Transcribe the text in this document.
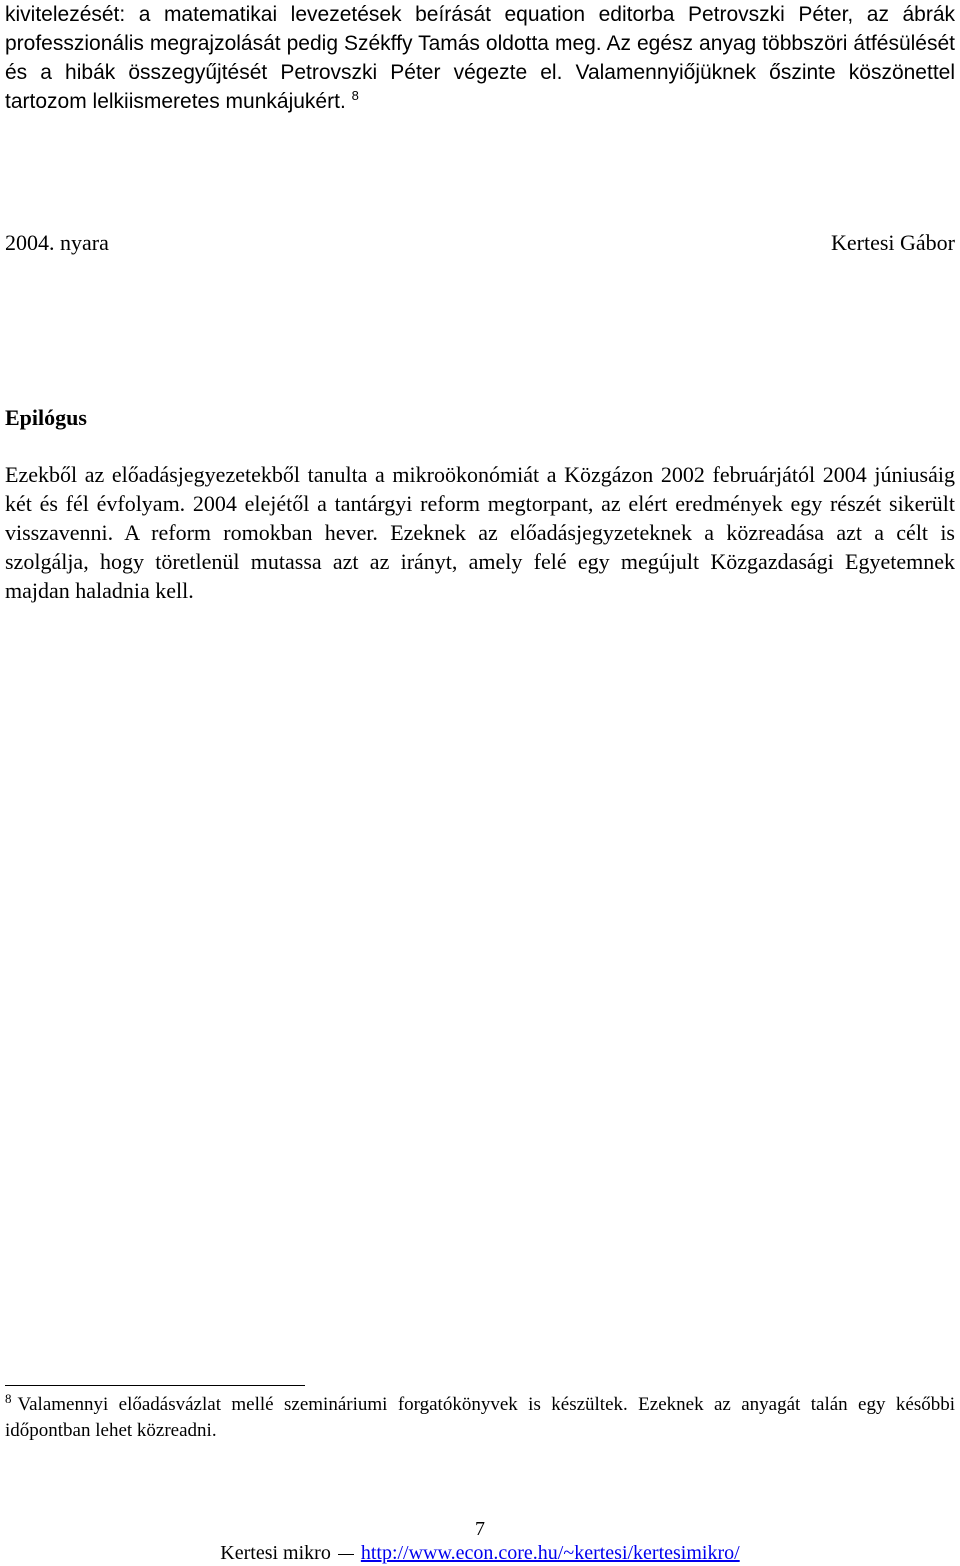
kivitelezését: a matematikai levezetések beírását equation editorba Petrovszki Péter, az ábrák professzionális megrajzolását pedig Székffy Tamás oldotta meg. Az egész anyag többszöri átfésülését és a hibák összegyűjtését Petrovszki Péter végezte el. Valamennyiőjüknek őszinte köszönettel tartozom lelkiismeretes munkájukért. $^8$

2004. nyara	Kertesi Gábor
Epilógus

Ezekből az előadásjegyezetekből tanulta a mikroökonómiát a Közgázon 2002 februárjától 2004 júniusáig két és fél évfolyam. 2004 elejétől a tantárgyi reform megtorpant, az elért eredmények egy részét sikerült visszavenni. A reform romokban hever. Ezeknek az előadásjegyzeteknek a közreadása azt a célt is szolgálja, hogy töretlenül mutassa azt az irányt, amely felé egy megújult Közgazdasági Egyetemnek majdan haladnia kell.

$^8$ Valamennyi előadásvázlat mellé szemináriumi forgatókönyvek is készültek. Ezeknek az anyagát talán egy későbbi időpontban lehet közreadni.

7
Kertesi mikro http://www.econ.core.hu/~kertesi/kertesimikro/
